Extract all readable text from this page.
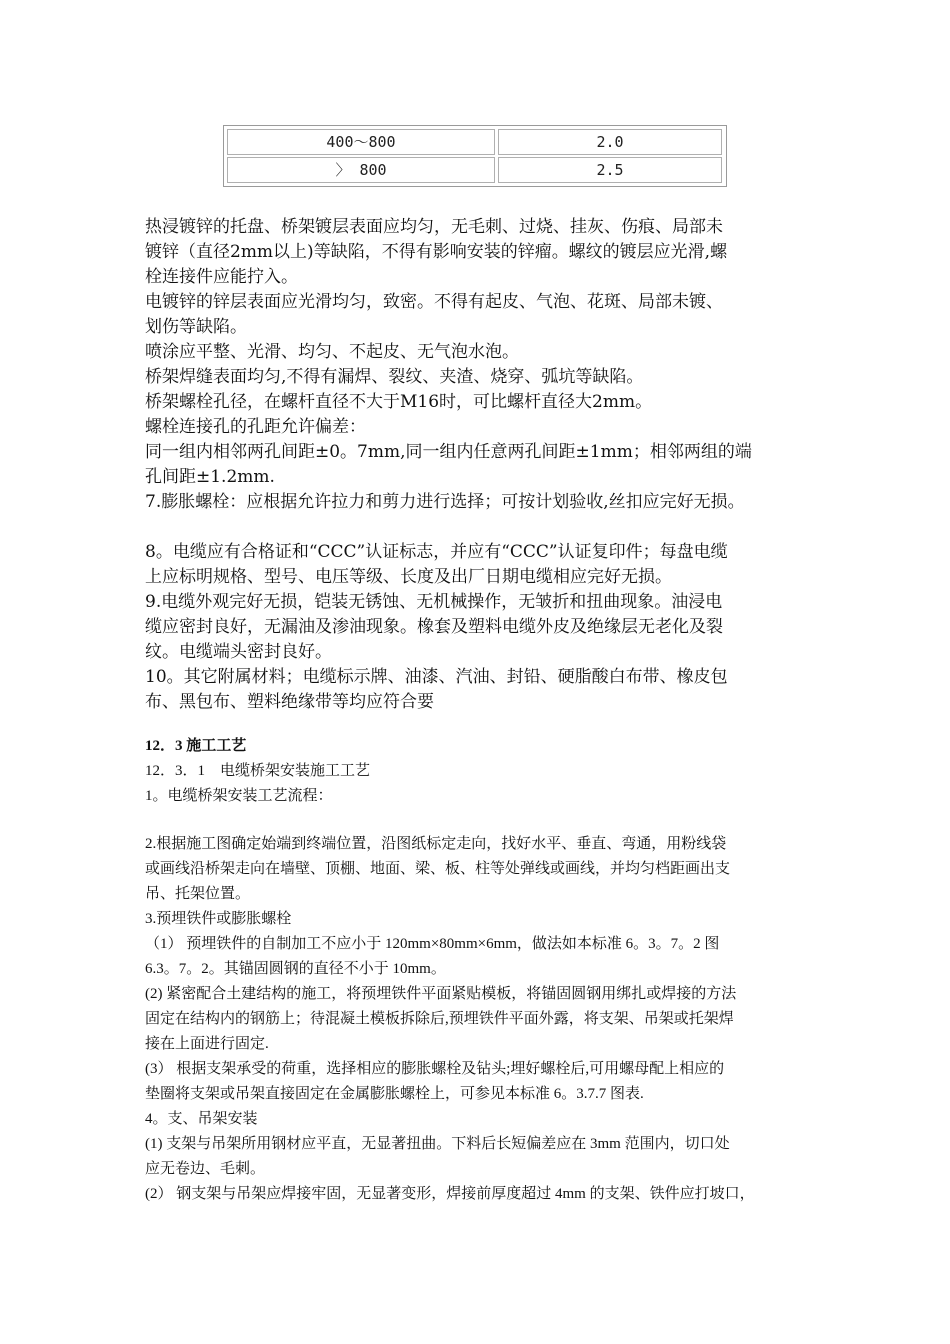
400～800	2.0
〉 800	2.5

热浸镀锌的托盘、桥架镀层表面应均匀，无毛刺、过烧、挂灰、伤痕、局部未

镀锌（直径2mm以上)等缺陷，不得有影响安装的锌瘤。螺纹的镀层应光滑,螺

栓连接件应能拧入。

电镀锌的锌层表面应光滑均匀，致密。不得有起皮、气泡、花斑、局部未镀、

划伤等缺陷。

喷涂应平整、光滑、均匀、不起皮、无气泡水泡。

桥架焊缝表面均匀,不得有漏焊、裂纹、夹渣、烧穿、弧坑等缺陷。

桥架螺栓孔径，在螺杆直径不大于M16时，可比螺杆直径大2mm。

螺栓连接孔的孔距允许偏差：

同一组内相邻两孔间距±0。7mm,同一组内任意两孔间距±1mm；相邻两组的端

孔间距±1.2mm.

7.膨胀螺栓：应根据允许拉力和剪力进行选择；可按计划验收,丝扣应完好无损。

8。电缆应有合格证和“CCC”认证标志，并应有“CCC”认证复印件；每盘电缆

上应标明规格、型号、电压等级、长度及出厂日期电缆相应完好无损。

9.电缆外观完好无损，铠装无锈蚀、无机械操作，无皱折和扭曲现象。油浸电

缆应密封良好，无漏油及渗油现象。橡套及塑料电缆外皮及绝缘层无老化及裂

纹。电缆端头密封良好。

10。其它附属材料；电缆标示牌、油漆、汽油、封铅、硬脂酸白布带、橡皮包

布、黑包布、塑料绝缘带等均应符合要

12．3 施工工艺

12．3．1　电缆桥架安装施工工艺

1。电缆桥架安装工艺流程：

2.根据施工图确定始端到终端位置，沿图纸标定走向，找好水平、垂直、弯通，用粉线袋

或画线沿桥架走向在墙壁、顶棚、地面、梁、板、柱等处弹线或画线，并均匀档距画出支

吊、托架位置。

3.预埋铁件或膨胀螺栓

（1） 预埋铁件的自制加工不应小于 120mm×80mm×6mm，做法如本标准 6。3。7。2 图

6.3。7。2。其锚固圆钢的直径不小于 10mm。

(2) 紧密配合土建结构的施工，将预埋铁件平面紧贴模板，将锚固圆钢用绑扎或焊接的方法

固定在结构内的钢筋上；待混凝土模板拆除后,预埋铁件平面外露，将支架、吊架或托架焊

接在上面进行固定.

(3） 根据支架承受的荷重，选择相应的膨胀螺栓及钻头;埋好螺栓后,可用螺母配上相应的

垫圈将支架或吊架直接固定在金属膨胀螺栓上，可参见本标准 6。3.7.7 图表.

4。支、吊架安装

(1) 支架与吊架所用钢材应平直，无显著扭曲。下料后长短偏差应在 3mm 范围内，切口处

应无卷边、毛刺。

(2） 钢支架与吊架应焊接牢固，无显著变形，焊接前厚度超过 4mm 的支架、铁件应打坡口，
